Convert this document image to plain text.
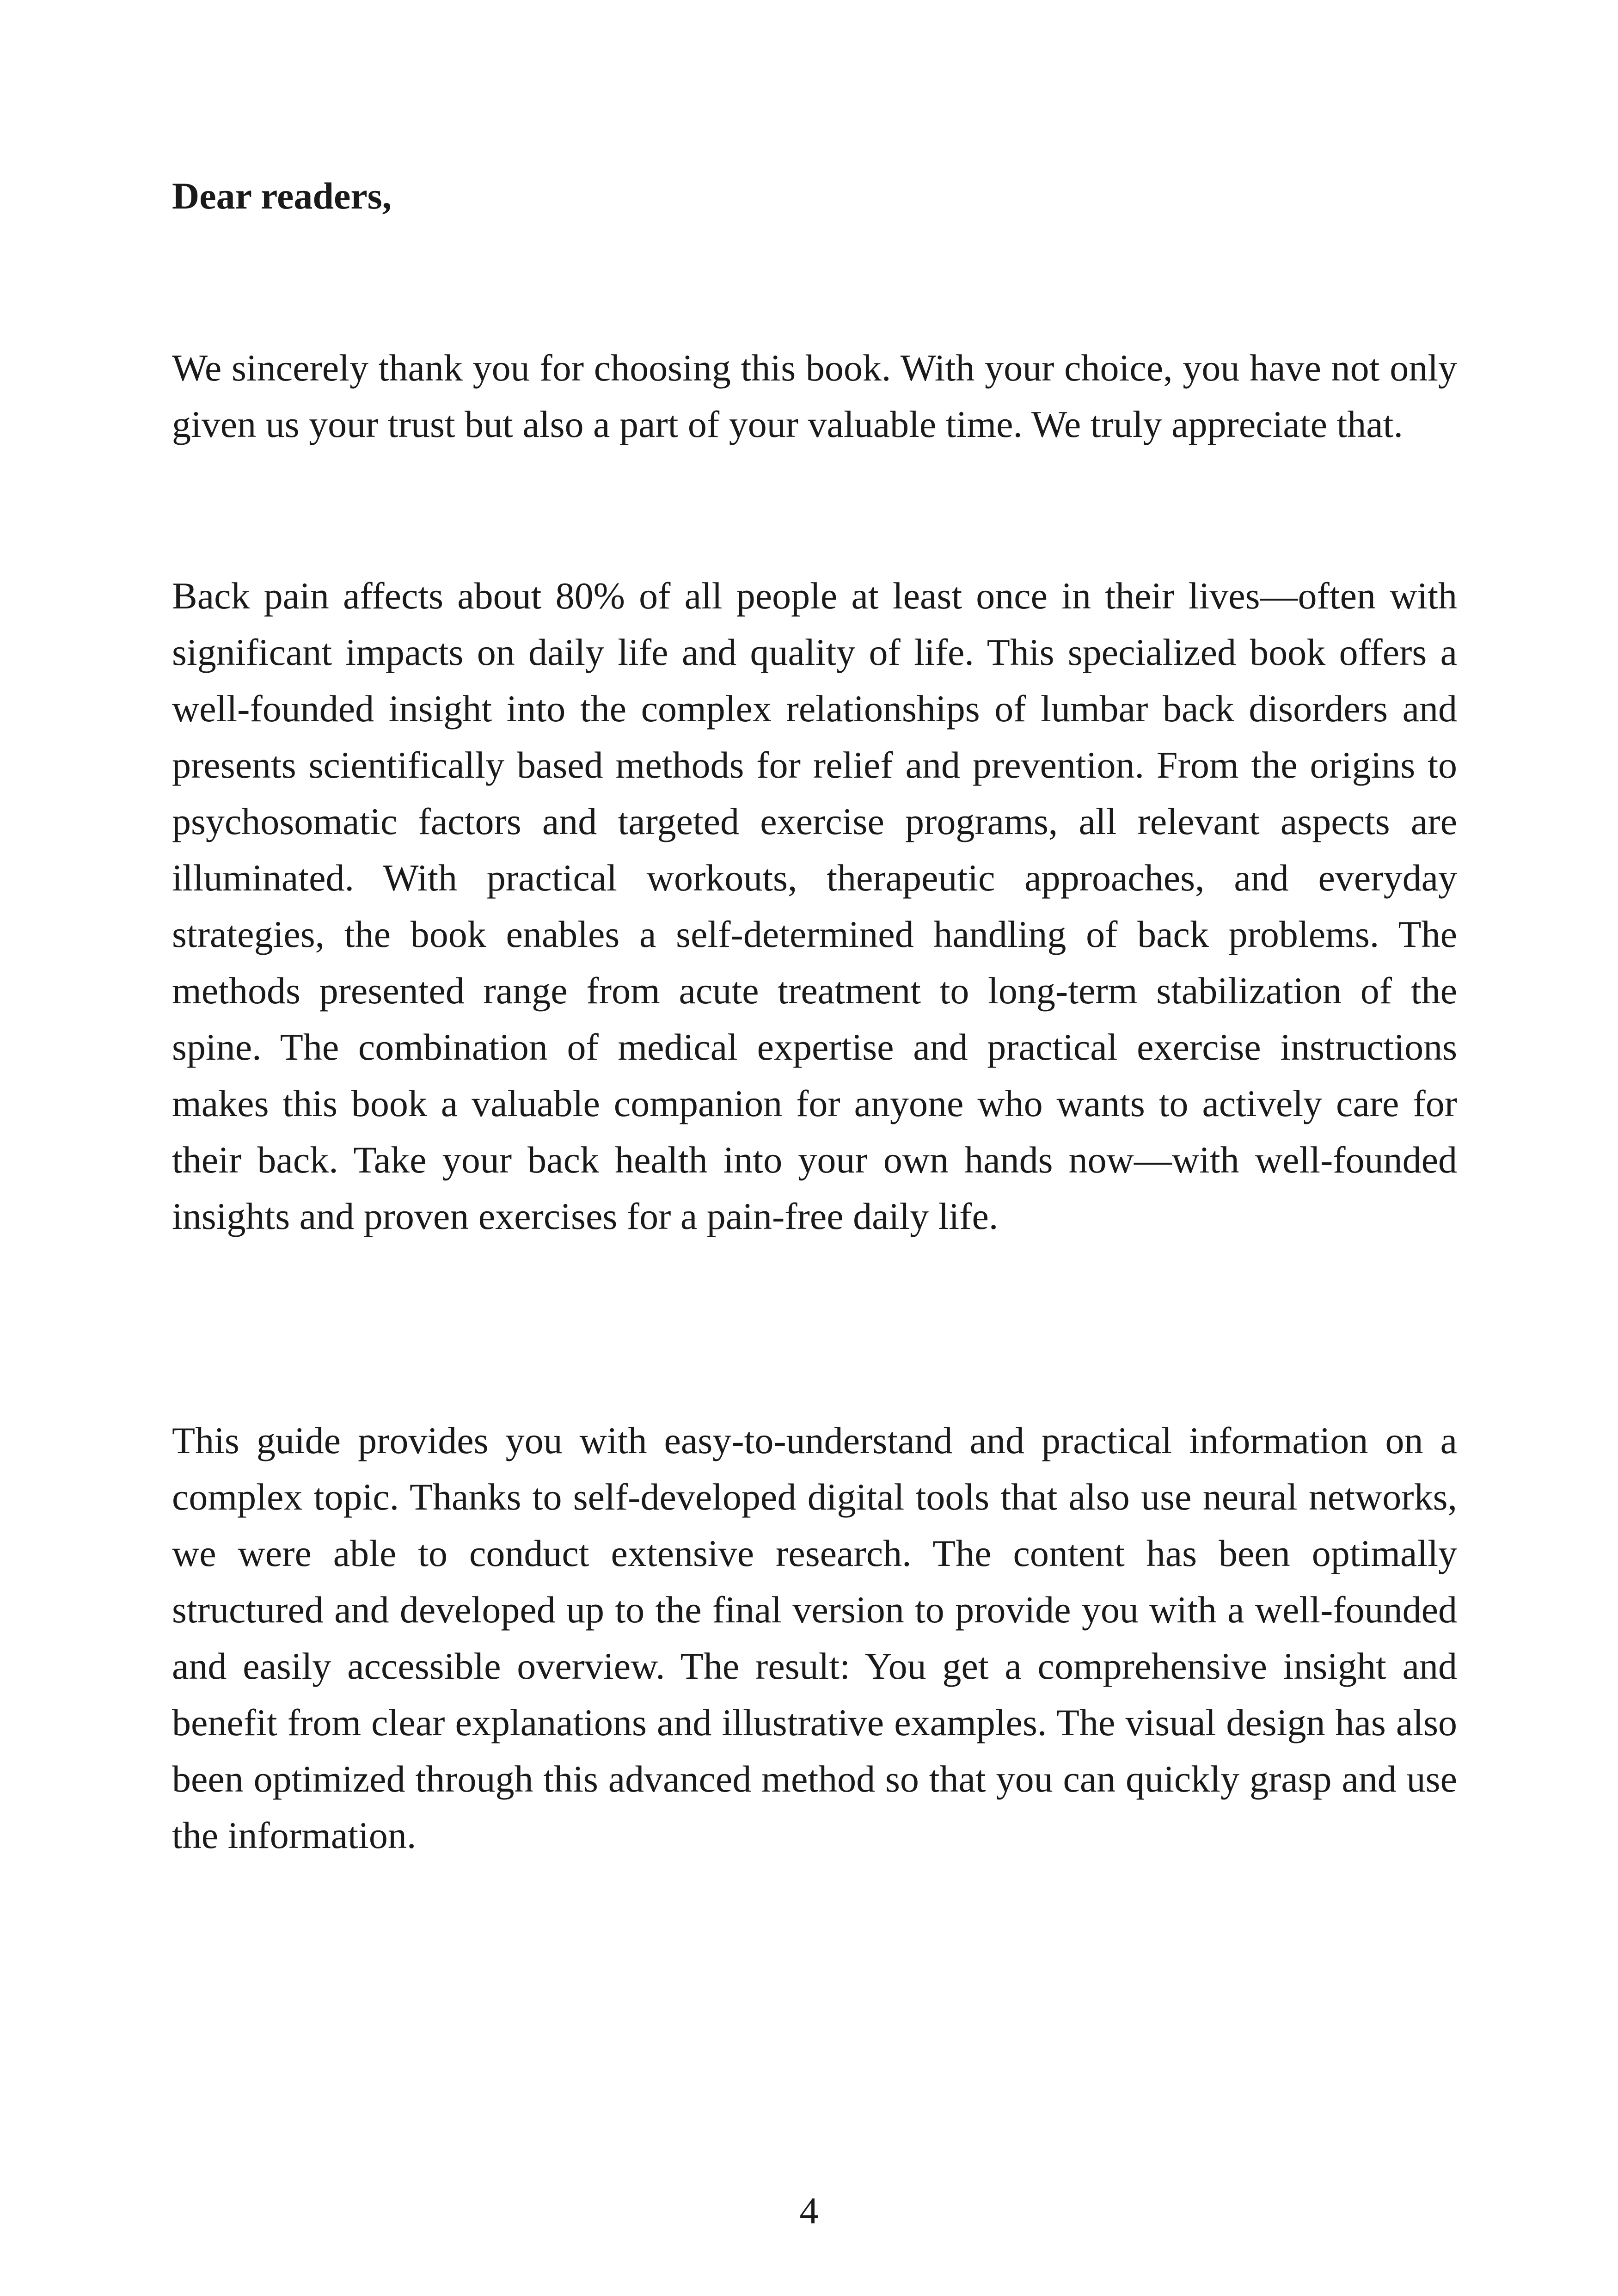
Dear readers,

We sincerely thank you for choosing this book. With your choice, you have not only given us your trust but also a part of your valuable time. We truly appreciate that.

Back pain affects about 80% of all people at least once in their lives—often with significant impacts on daily life and quality of life. This specialized book offers a well-founded insight into the complex relationships of lumbar back disorders and presents scientifically based methods for relief and prevention. From the origins to psychosomatic factors and targeted exercise programs, all relevant aspects are illuminated. With practical workouts, therapeutic approaches, and everyday strategies, the book enables a self-determined handling of back problems. The methods presented range from acute treatment to long-term stabilization of the spine. The combination of medical expertise and practical exercise instructions makes this book a valuable companion for anyone who wants to actively care for their back. Take your back health into your own hands now—with well-founded insights and proven exercises for a pain-free daily life.

This guide provides you with easy-to-understand and practical information on a complex topic. Thanks to self-developed digital tools that also use neural networks, we were able to conduct extensive research. The content has been optimally structured and developed up to the final version to provide you with a well-founded and easily accessible overview. The result: You get a comprehensive insight and benefit from clear explanations and illustrative examples. The visual design has also been optimized through this advanced method so that you can quickly grasp and use the information.

4
